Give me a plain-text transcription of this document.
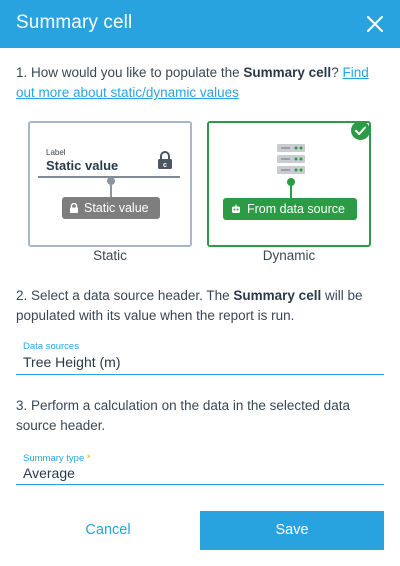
Summary cell
1. How would you like to populate the Summary cell? Find out more about static/dynamic values
Label
Static value	c
Static value
Static
From data source
Dynamic
2. Select a data source header. The Summary cell will be populated with its value when the report is run.
Data sources
Tree Height (m)
3. Perform a calculation on the data in the selected data source header.
Summary type *
Average
Cancel	Save
